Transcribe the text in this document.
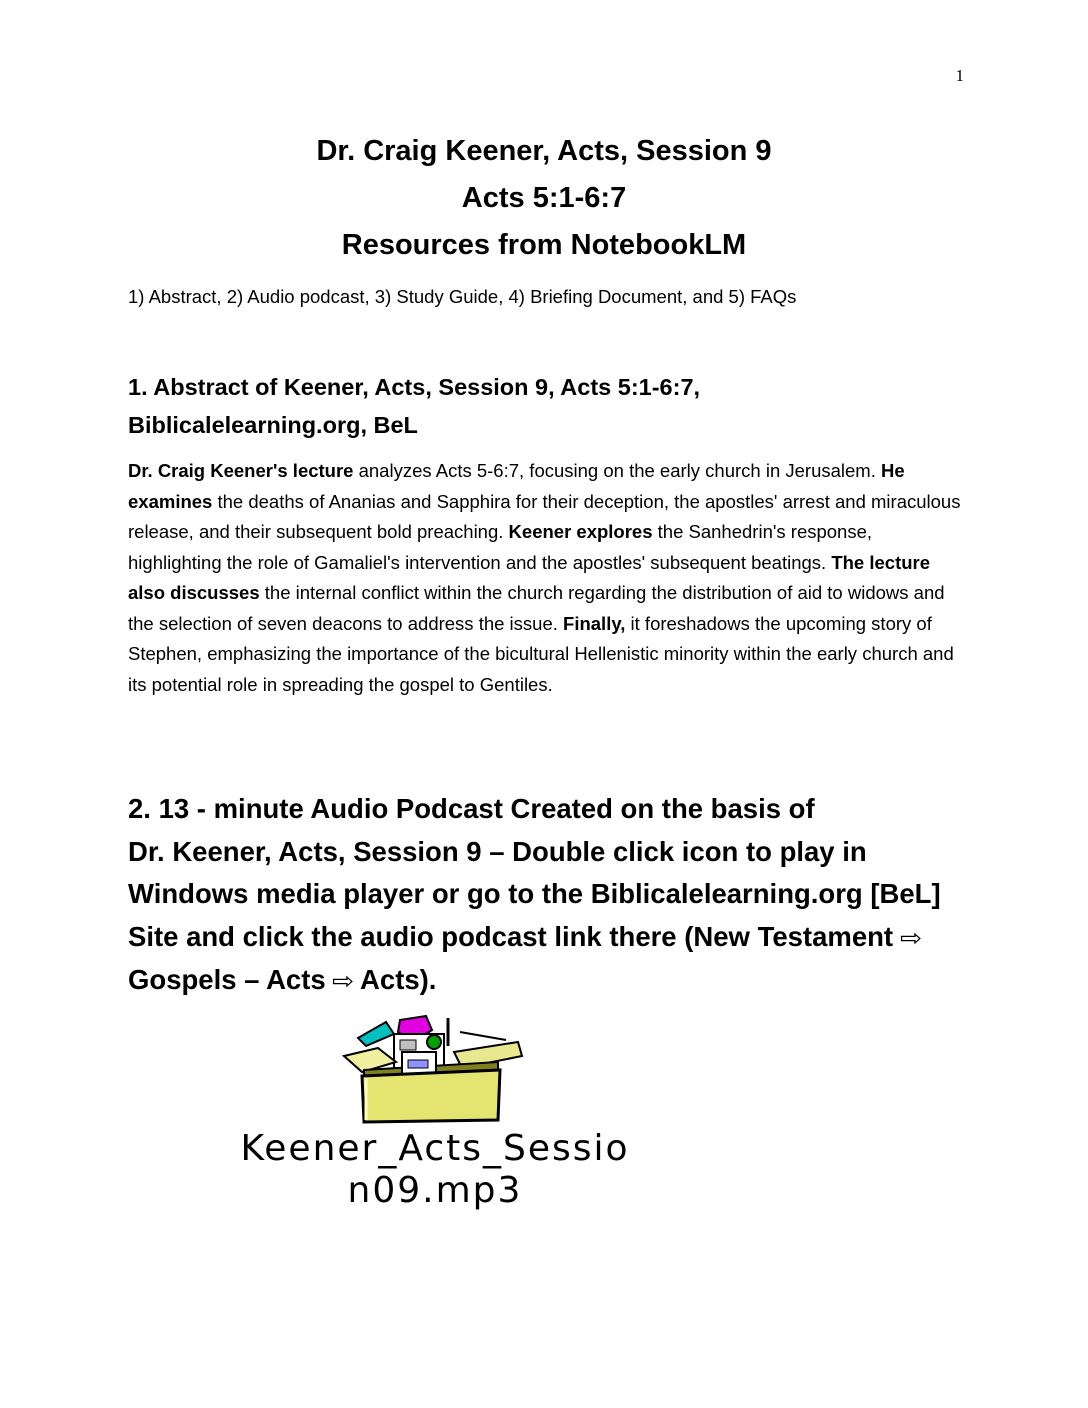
1
Dr. Craig Keener, Acts, Session 9
Acts 5:1-6:7
Resources from NotebookLM
1) Abstract, 2) Audio podcast, 3) Study Guide, 4) Briefing Document, and 5) FAQs
1. Abstract of Keener, Acts, Session 9, Acts 5:1-6:7,
Biblicalelearning.org, BeL
Dr. Craig Keener's lecture analyzes Acts 5-6:7, focusing on the early church in Jerusalem. He examines the deaths of Ananias and Sapphira for their deception, the apostles' arrest and miraculous release, and their subsequent bold preaching. Keener explores the Sanhedrin's response, highlighting the role of Gamaliel's intervention and the apostles' subsequent beatings. The lecture also discusses the internal conflict within the church regarding the distribution of aid to widows and the selection of seven deacons to address the issue. Finally, it foreshadows the upcoming story of Stephen, emphasizing the importance of the bicultural Hellenistic minority within the early church and its potential role in spreading the gospel to Gentiles.
2. 13 - minute Audio Podcast Created on the basis of
Dr. Keener, Acts, Session 9 – Double click icon to play in
Windows media player or go to the Biblicalelearning.org [BeL]
Site and click the audio podcast link there (New Testament ⇨
Gospels – Acts ⇨ Acts).
Keener_Acts_Sessio
n09.mp3
